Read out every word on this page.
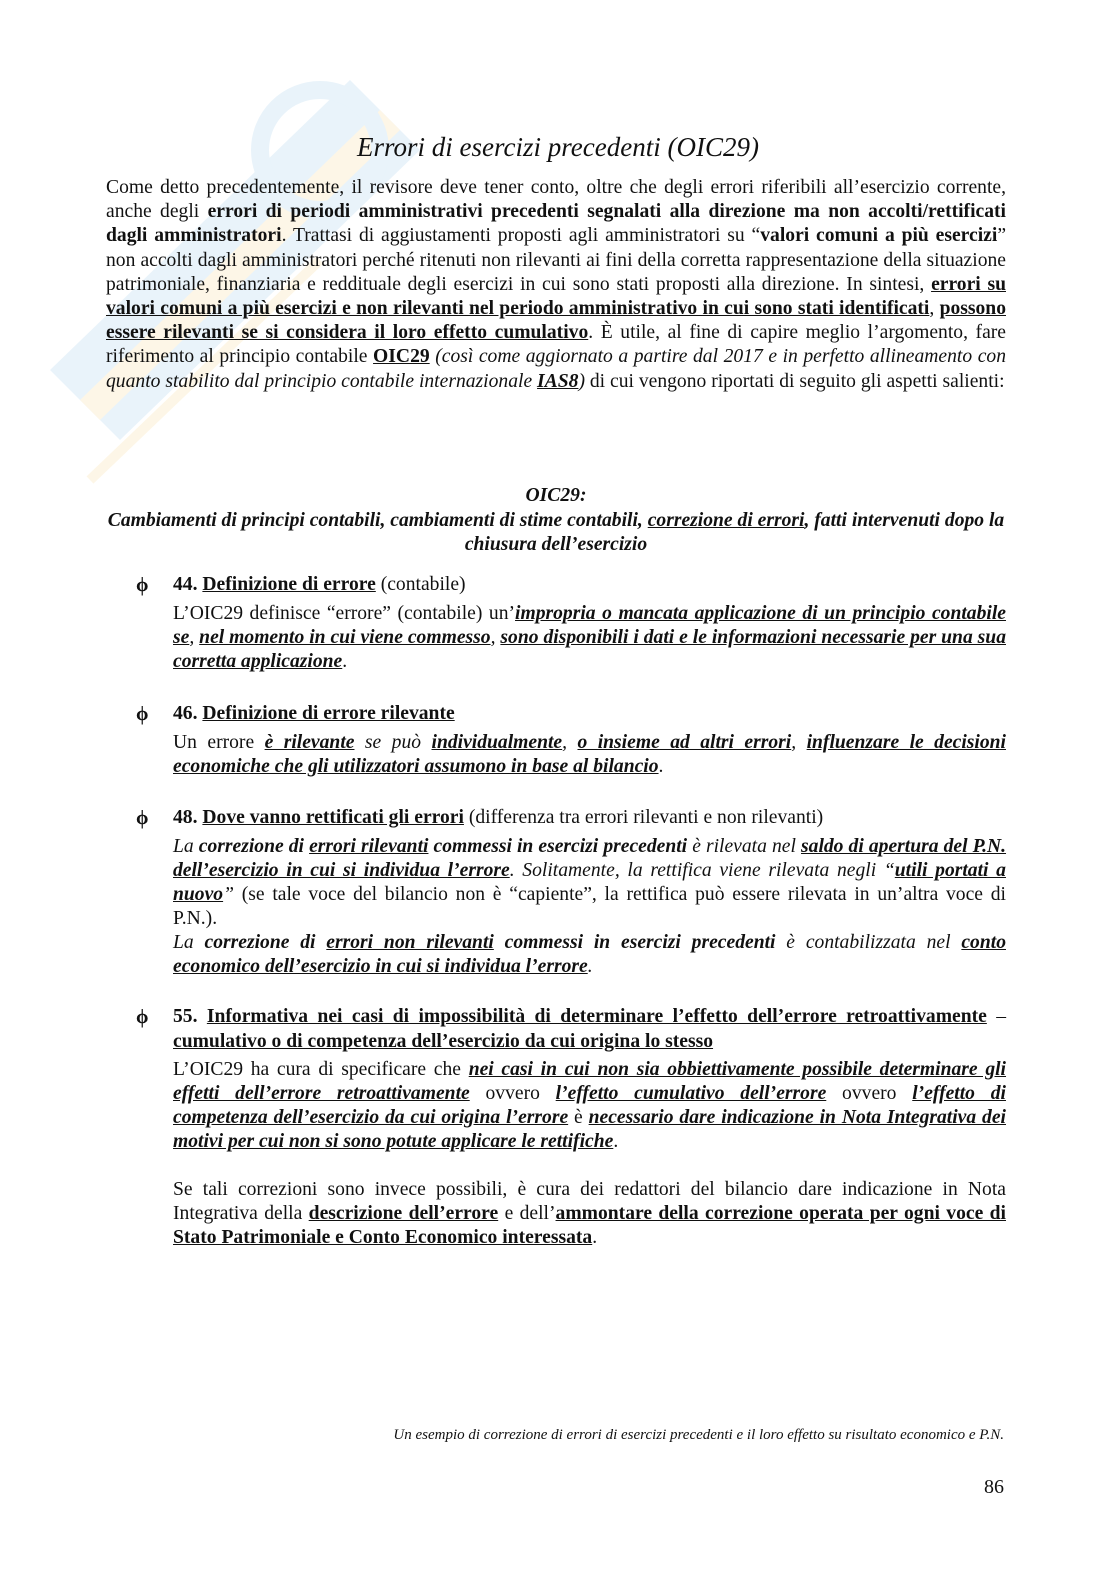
Errori di esercizi precedenti (OIC29)

Come detto precedentemente, il revisore deve tener conto, oltre che degli errori riferibili all’esercizio corrente, anche degli errori di periodi amministrativi precedenti segnalati alla direzione ma non accolti/rettificati dagli amministratori. Trattasi di aggiustamenti proposti agli amministratori su “valori comuni a più esercizi” non accolti dagli amministratori perché ritenuti non rilevanti ai fini della corretta rappresentazione della situazione patrimoniale, finanziaria e reddituale degli esercizi in cui sono stati proposti alla direzione. In sintesi, errori su valori comuni a più esercizi e non rilevanti nel periodo amministrativo in cui sono stati identificati, possono essere rilevanti se si considera il loro effetto cumulativo. È utile, al fine di capire meglio l’argomento, fare riferimento al principio contabile OIC29 (così come aggiornato a partire dal 2017 e in perfetto allineamento con quanto stabilito dal principio contabile internazionale IAS8) di cui vengono riportati di seguito gli aspetti salienti:

OIC29:
Cambiamenti di principi contabili, cambiamenti di stime contabili, correzione di errori, fatti intervenuti dopo la chiusura dell’esercizio
ϕ 44. Definizione di errore (contabile)

L’OIC29 definisce “errore” (contabile) un’impropria o mancata applicazione di un principio contabile se, nel momento in cui viene commesso, sono disponibili i dati e le informazioni necessarie per una sua corretta applicazione.

ϕ 46. Definizione di errore rilevante

Un errore è rilevante se può individualmente, o insieme ad altri errori, influenzare le decisioni economiche che gli utilizzatori assumono in base al bilancio.

ϕ 48. Dove vanno rettificati gli errori (differenza tra errori rilevanti e non rilevanti)

La correzione di errori rilevanti commessi in esercizi precedenti è rilevata nel saldo di apertura del P.N. dell’esercizio in cui si individua l’errore. Solitamente, la rettifica viene rilevata negli “utili portati a nuovo” (se tale voce del bilancio non è “capiente”, la rettifica può essere rilevata in un’altra voce di P.N.).

La correzione di errori non rilevanti commessi in esercizi precedenti è contabilizzata nel conto economico dell’esercizio in cui si individua l’errore.

ϕ 55. Informativa nei casi di impossibilità di determinare l’effetto dell’errore retroattivamente – cumulativo o di competenza dell’esercizio da cui origina lo stesso

L’OIC29 ha cura di specificare che nei casi in cui non sia obbiettivamente possibile determinare gli effetti dell’errore retroattivamente ovvero l’effetto cumulativo dell’errore ovvero l’effetto di competenza dell’esercizio da cui origina l’errore è necessario dare indicazione in Nota Integrativa dei motivi per cui non si sono potute applicare le rettifiche.

Se tali correzioni sono invece possibili, è cura dei redattori del bilancio dare indicazione in Nota Integrativa della descrizione dell’errore e dell’ammontare della correzione operata per ogni voce di Stato Patrimoniale e Conto Economico interessata.

Un esempio di correzione di errori di esercizi precedenti e il loro effetto su risultato economico e P.N.

86
